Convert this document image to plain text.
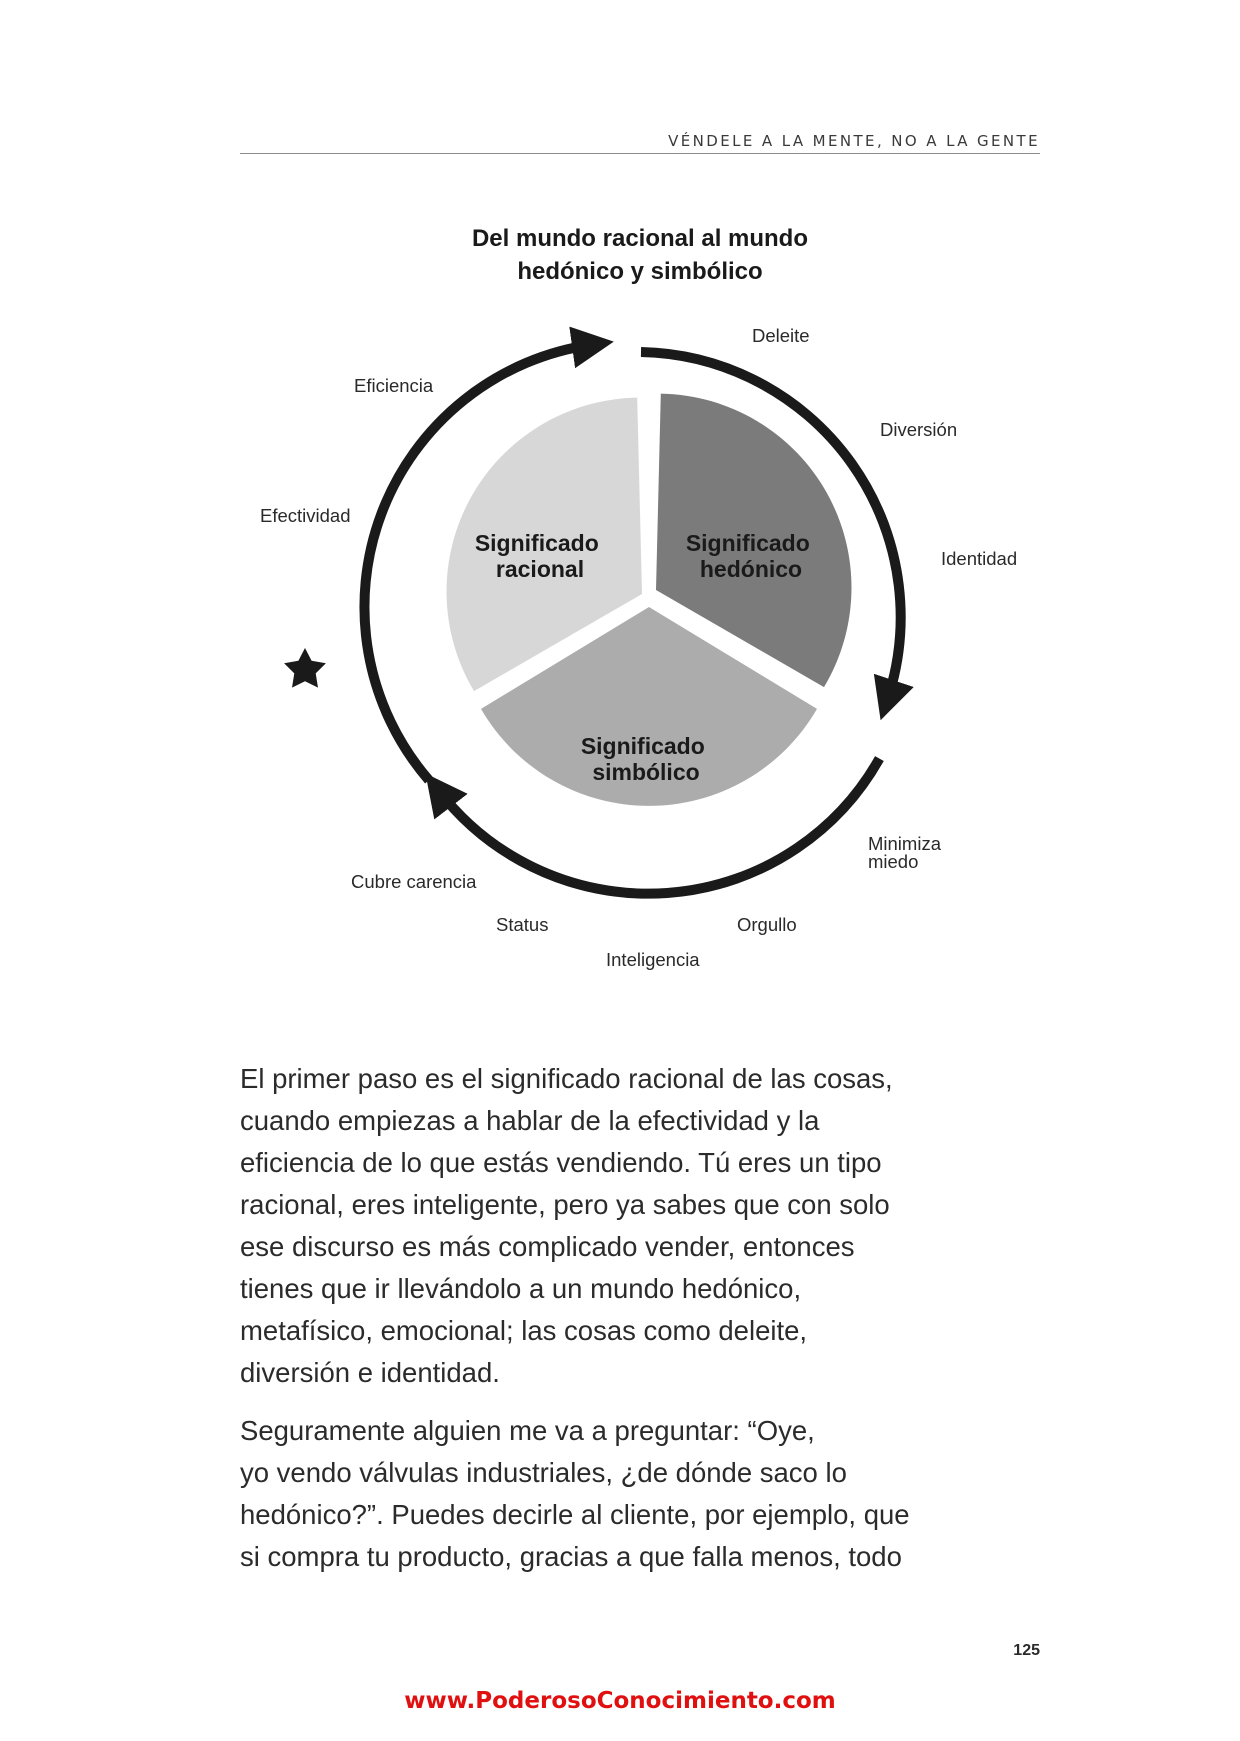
VÉNDELE A LA MENTE, NO A LA GENTE
Del mundo racional al mundo
hedónico y simbólico
Significado racional
Significado hedónico
Significado simbólico
Deleite
Diversión
Identidad
Minimiza miedo
Orgullo
Inteligencia
Status
Cubre carencia
Efectividad
Eficiencia
El primer paso es el significado racional de las cosas,
cuando empiezas a hablar de la efectividad y la
eficiencia de lo que estás vendiendo. Tú eres un tipo
racional, eres inteligente, pero ya sabes que con solo
ese discurso es más complicado vender, entonces
tienes que ir llevándolo a un mundo hedónico,
metafísico, emocional; las cosas como deleite,
diversión e identidad.
Seguramente alguien me va a preguntar: “Oye,
yo vendo válvulas industriales, ¿de dónde saco lo
hedónico?”. Puedes decirle al cliente, por ejemplo, que
si compra tu producto, gracias a que falla menos, todo
125
www.PoderosoConocimiento.com
